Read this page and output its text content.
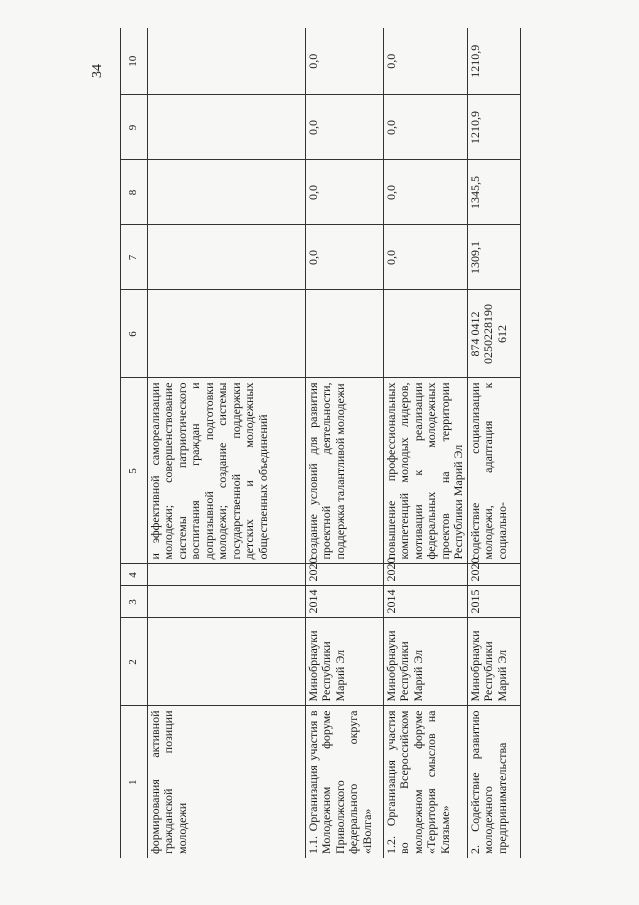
34
1	2	3	4	5	6	7	8	9	10
формирования активной гражданской позиции молодежи				и эффективной самореализации молодежи; совершенствование системы патриотического воспитания граждан и допризывной подготовки молодежи; создание системы государственной поддержки детских и молодежных общественных объединений					
1.1. Организация участия в Молодежном форуме Приволжского федерального округа «iВолга»	Минобрнауки Республики Марий Эл	2014	2020	создание условий для развития проектной деятельности, поддержка талантливой молодежи		0,0	0,0	0,0	0,0
1.2. Организация участия во Всероссийском молодежном форуме «Территория смыслов на Клязьме»	Минобрнауки Республики Марий Эл	2014	2020	повышение профессиональных компетенций молодых лидеров, мотивации к реализации федеральных молодежных проектов на территории Республики Марий Эл		0,0	0,0	0,0	0,0
2. Содействие развитию молодежного предпринимательства	Минобрнауки Республики Марий Эл	2015	2020	содействие социализации молодежи, адаптация к социально-	874 0412 0250228190 612	1309,1	1345,5	1210,9	1210,9
